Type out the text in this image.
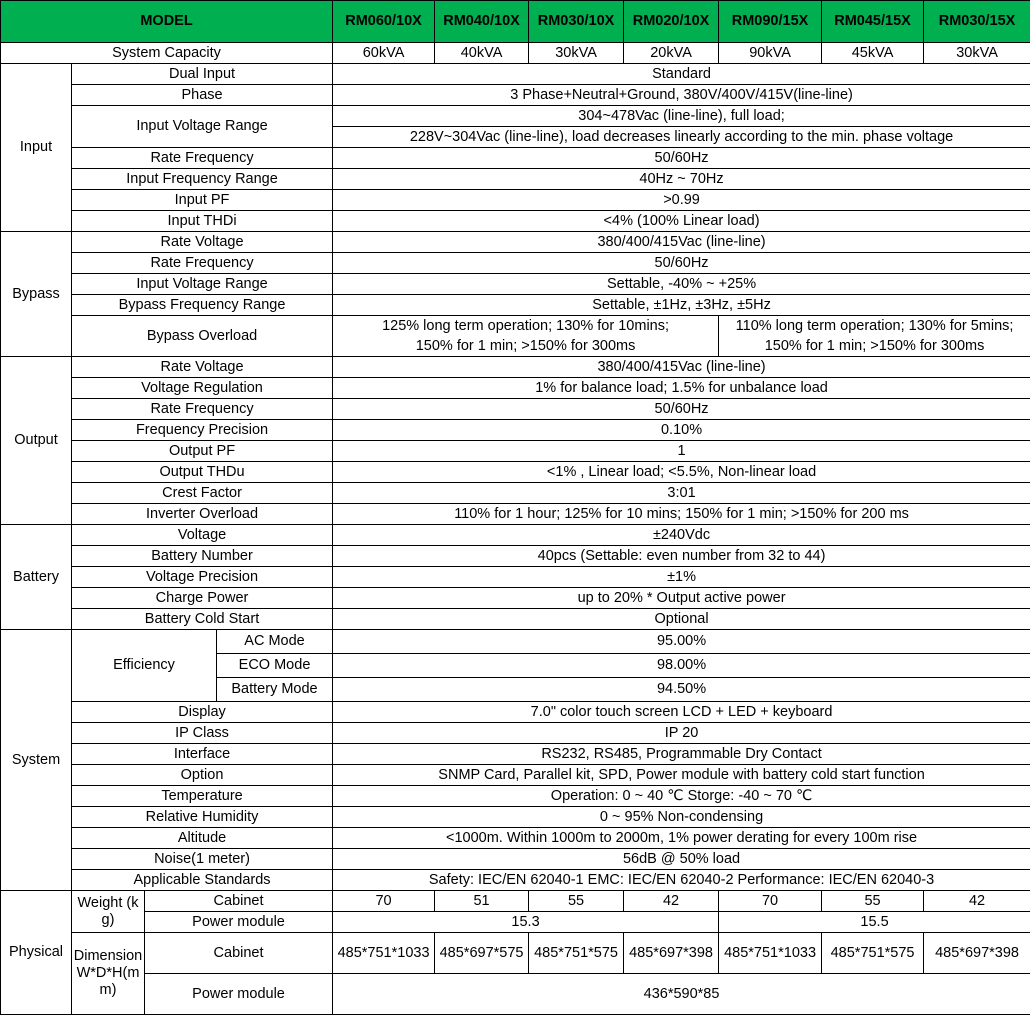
MODEL				RM060/10X	RM040/10X	RM030/10X	RM020/10X	RM090/15X	RM045/15X	RM030/15X
System Capacity				60kVA	40kVA	30kVA	20kVA	90kVA	45kVA	30kVA
Input	Dual Input			Standard						
	Phase			3 Phase+Neutral+Ground, 380V/400V/415V(line-line)						
	Input Voltage Range			304~478Vac (line-line), full load;						
				228V~304Vac (line-line), load decreases linearly according to the min. phase voltage						
	Rate Frequency			50/60Hz						
	Input Frequency Range			40Hz ~ 70Hz						
	Input PF			>0.99						
	Input THDi			<4% (100% Linear load)						
Bypass	Rate Voltage			380/400/415Vac (line-line)						
	Rate Frequency			50/60Hz						
	Input Voltage Range			Settable, -40% ~ +25%						
	Bypass Frequency Range			Settable, ±1Hz, ±3Hz, ±5Hz						
	Bypass Overload			125% long term operation; 130% for 10mins;				110% long term operation; 130% for 5mins;		
				150% for 1 min; >150% for 300ms				150% for 1 min; >150% for 300ms		
Output	Rate Voltage			380/400/415Vac (line-line)						
	Voltage Regulation			1% for balance load; 1.5% for unbalance load						
	Rate Frequency			50/60Hz						
	Frequency Precision			0.10%						
	Output PF			1						
	Output THDu			<1% , Linear load; <5.5%, Non-linear load						
	Crest Factor			3:01						
	Inverter Overload			110% for 1 hour; 125% for 10 mins; 150% for 1 min; >150% for 200 ms						
Battery	Voltage			±240Vdc						
	Battery Number			40pcs (Settable: even number from 32 to 44)						
	Voltage Precision			±1%						
	Charge Power			up to 20% * Output active power						
	Battery Cold Start			Optional						
System	Efficiency		AC Mode	95.00%						
			ECO Mode	98.00%						
			Battery Mode	94.50%						
	Display			7.0" color touch screen LCD + LED + keyboard						
	IP Class			IP 20						
	Interface			RS232, RS485, Programmable Dry Contact						
	Option			SNMP Card, Parallel kit, SPD, Power module with battery cold start function						
	Temperature			Operation: 0 ~ 40 ℃ Storge: -40 ~ 70 ℃						
	Relative Humidity			0 ~ 95% Non-condensing						
	Altitude			<1000m. Within 1000m to 2000m, 1% power derating for every 100m rise						
	Noise(1 meter)			56dB @ 50% load						
	Applicable Standards			Safety: IEC/EN 62040-1 EMC: IEC/EN 62040-2 Performance: IEC/EN 62040-3						
Physical	Weight (kg)	Cabinet		70	51	55	42	70	55	42
		Power module		15.3				15.5		
	Dimension W*D*H(mm)	Cabinet		485*751*1033	485*697*575	485*751*575	485*697*398	485*751*1033	485*751*575	485*697*398
		Power module		436*590*85						
